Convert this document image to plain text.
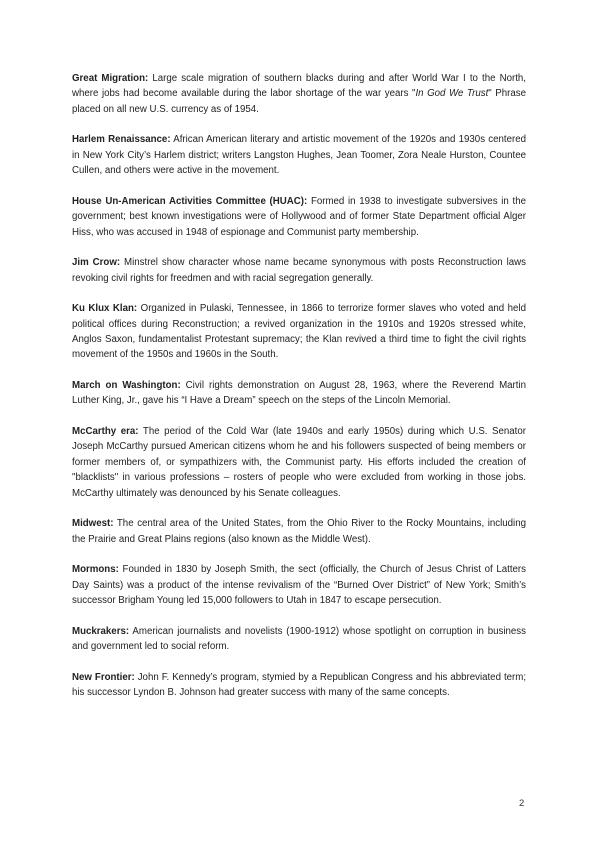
Great Migration: Large scale migration of southern blacks during and after World War I to the North, where jobs had become available during the labor shortage of the war years "In God We Trust" Phrase placed on all new U.S. currency as of 1954.

Harlem Renaissance: African American literary and artistic movement of the 1920s and 1930s centered in New York City’s Harlem district; writers Langston Hughes, Jean Toomer, Zora Neale Hurston, Countee Cullen, and others were active in the movement.

House Un-American Activities Committee (HUAC): Formed in 1938 to investigate subversives in the government; best known investigations were of Hollywood and of former State Department official Alger Hiss, who was accused in 1948 of espionage and Communist party membership.

Jim Crow: Minstrel show character whose name became synonymous with posts Reconstruction laws revoking civil rights for freedmen and with racial segregation generally.

Ku Klux Klan: Organized in Pulaski, Tennessee, in 1866 to terrorize former slaves who voted and held political offices during Reconstruction; a revived organization in the 1910s and 1920s stressed white, Anglos Saxon, fundamentalist Protestant supremacy; the Klan revived a third time to fight the civil rights movement of the 1950s and 1960s in the South.

March on Washington: Civil rights demonstration on August 28, 1963, where the Reverend Martin Luther King, Jr., gave his “I Have a Dream” speech on the steps of the Lincoln Memorial.

McCarthy era: The period of the Cold War (late 1940s and early 1950s) during which U.S. Senator Joseph McCarthy pursued American citizens whom he and his followers suspected of being members or former members of, or sympathizers with, the Communist party. His efforts included the creation of "blacklists" in various professions – rosters of people who were excluded from working in those jobs. McCarthy ultimately was denounced by his Senate colleagues.

Midwest: The central area of the United States, from the Ohio River to the Rocky Mountains, including the Prairie and Great Plains regions (also known as the Middle West).

Mormons: Founded in 1830 by Joseph Smith, the sect (officially, the Church of Jesus Christ of Latters Day Saints) was a product of the intense revivalism of the “Burned Over District” of New York; Smith’s successor Brigham Young led 15,000 followers to Utah in 1847 to escape persecution.

Muckrakers: American journalists and novelists (1900-1912) whose spotlight on corruption in business and government led to social reform.

New Frontier: John F. Kennedy’s program, stymied by a Republican Congress and his abbreviated term; his successor Lyndon B. Johnson had greater success with many of the same concepts.

2
